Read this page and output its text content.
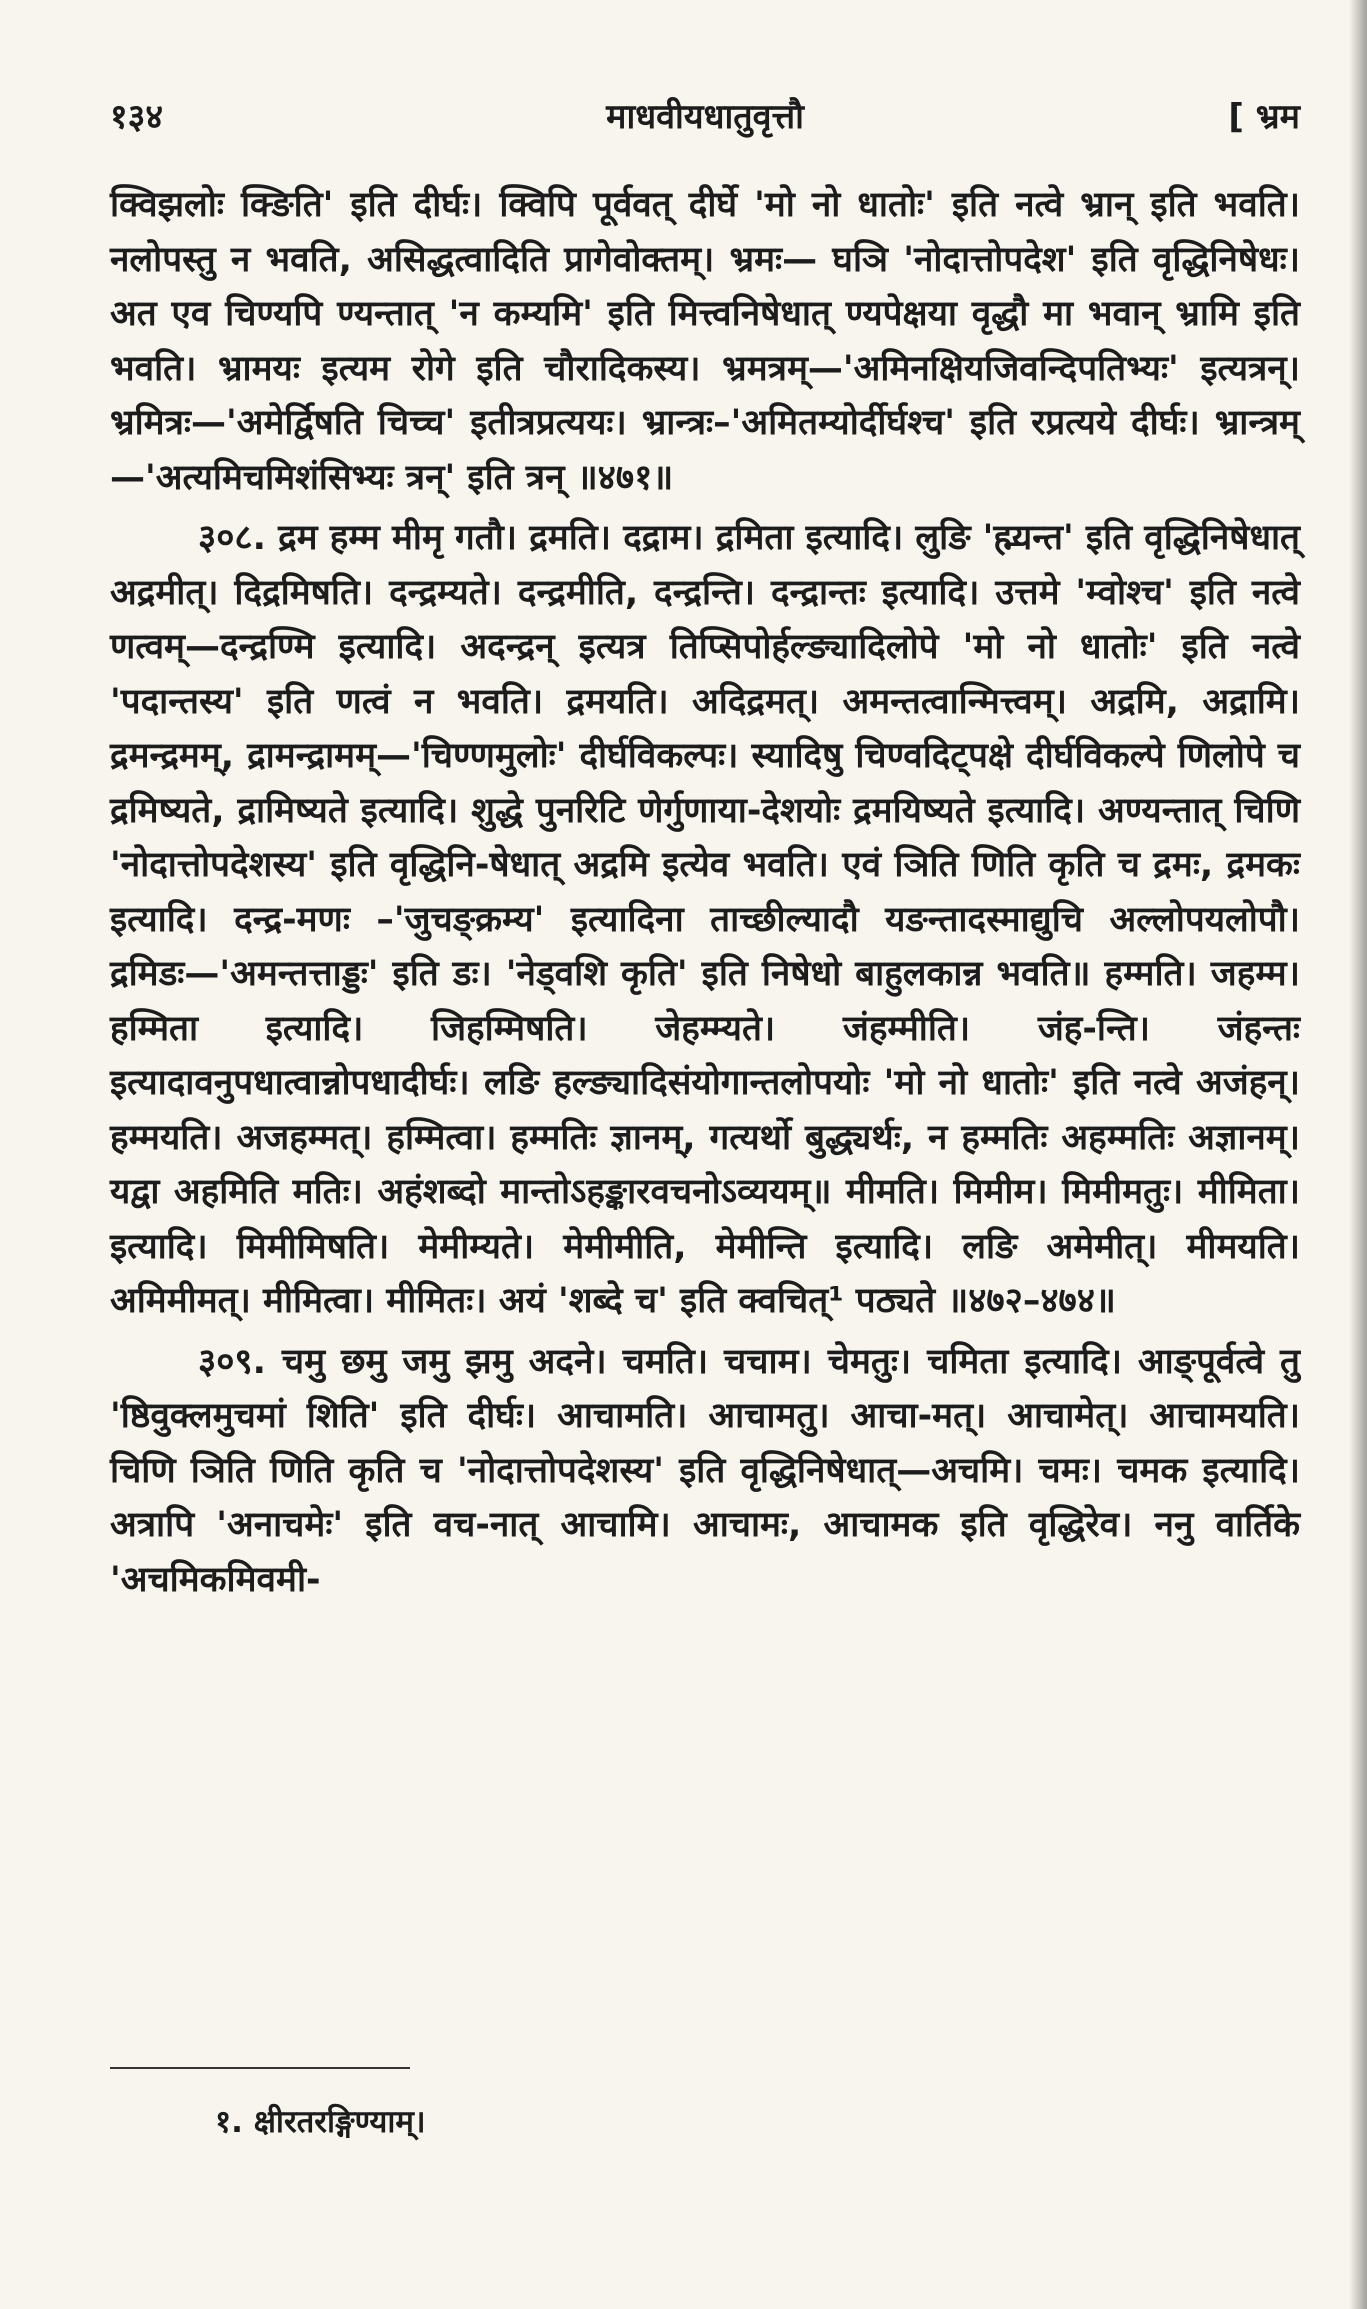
१३४	माधवीयधातुवृत्तौ	[ भ्रम

क्विझलोः क्ङिति' इति दीर्घः। क्विपि पूर्ववत् दीर्घे 'मो नो धातोः' इति नत्वे भ्रान् इति भवति। नलोपस्तु न भवति, असिद्धत्वादिति प्रागेवोक्तम्। भ्रमः— घञि 'नोदात्तोपदेश' इति वृद्धिनिषेधः। अत एव चिण्यपि ण्यन्तात् 'न कम्यमि' इति मित्त्वनिषेधात् ण्यपेक्षया वृद्धौ मा भवान् भ्रामि इति भवति। भ्रामयः इत्यम रोगे इति चौरादिकस्य। भ्रमत्रम्—'अमिनक्षियजिवन्दिपतिभ्यः' इत्यत्रन्। भ्रमित्रः—'अमेर्द्विषति चिच्च' इतीत्रप्रत्ययः। भ्रान्त्रः–'अमितम्योर्दीर्घश्च' इति रप्रत्यये दीर्घः। भ्रान्त्रम्—'अत्यमिचमिशंसिभ्यः त्रन्' इति त्रन् ॥४७१॥

३०८. द्रम हम्म मीमृ गतौ। द्रमति। दद्राम। द्रमिता इत्यादि। लुङि 'ह्म्यन्त' इति वृद्धिनिषेधात् अद्रमीत्। दिद्रमिषति। दन्द्रम्यते। दन्द्रमीति, दन्द्रन्ति। दन्द्रान्तः इत्यादि। उत्तमे 'म्वोश्च' इति नत्वे णत्वम्—दन्द्रण्मि इत्यादि। अदन्द्रन् इत्यत्र तिप्सिपोर्हल्ङ्यादिलोपे 'मो नो धातोः' इति नत्वे 'पदान्तस्य' इति णत्वं न भवति। द्रमयति। अदिद्रमत्। अमन्तत्वान्मित्त्वम्। अद्रमि, अद्रामि। द्रमन्द्रमम्, द्रामन्द्रामम्—'चिण्णमुलोः' दीर्घविकल्पः। स्यादिषु चिण्वदिट्पक्षे दीर्घविकल्पे णिलोपे च द्रमिष्यते, द्रामिष्यते इत्यादि। शुद्धे पुनरिटि णेर्गुणाया-देशयोः द्रमयिष्यते इत्यादि। अण्यन्तात् चिणि 'नोदात्तोपदेशस्य' इति वृद्धिनि-षेधात् अद्रमि इत्येव भवति। एवं ञिति णिति कृति च द्रमः, द्रमकः इत्यादि। दन्द्र-मणः –'जुचङ्क्रम्य' इत्यादिना ताच्छील्यादौ यङन्तादस्माद्युचि अल्लोपयलोपौ। द्रमिडः—'अमन्तत्ताड्डः' इति डः। 'नेड्वशि कृति' इति निषेधो बाहुलकान्न भवति॥ हम्मति। जहम्म। हम्मिता इत्यादि। जिहम्मिषति। जेहम्म्यते। जंहम्मीति। जंह-न्ति। जंहन्तः इत्यादावनुपधात्वान्नोपधादीर्घः। लङि हल्ङ्यादिसंयोगान्तलोपयोः 'मो नो धातोः' इति नत्वे अजंहन्। हम्मयति। अजहम्मत्। हम्मित्वा। हम्मतिः ज्ञानम्, गत्यर्थो बुद्ध्यर्थः, न हम्मतिः अहम्मतिः अज्ञानम्। यद्वा अहमिति मतिः। अहंशब्दो मान्तोऽहङ्कारवचनोऽव्ययम्॥ मीमति। मिमीम। मिमीमतुः। मीमिता। इत्यादि। मिमीमिषति। मेमीम्यते। मेमीमीति, मेमीन्ति इत्यादि। लङि अमेमीत्। मीमयति। अमिमीमत्। मीमित्वा। मीमितः। अयं 'शब्दे च' इति क्वचित्¹ पठ्यते ॥४७२–४७४॥

३०९. चमु छमु जमु झमु अदने। चमति। चचाम। चेमतुः। चमिता इत्यादि। आङ्पूर्वत्वे तु 'ष्ठिवुक्लमुचमां शिति' इति दीर्घः। आचामति। आचामतु। आचा-मत्। आचामेत्। आचामयति। चिणि ञिति णिति कृति च 'नोदात्तोपदेशस्य' इति वृद्धिनिषेधात्—अचमि। चमः। चमक इत्यादि। अत्रापि 'अनाचमेः' इति वच-नात् आचामि। आचामः, आचामक इति वृद्धिरेव। ननु वार्तिके 'अचमिकमिवमी-

१. क्षीरतरङ्गिण्याम्।
